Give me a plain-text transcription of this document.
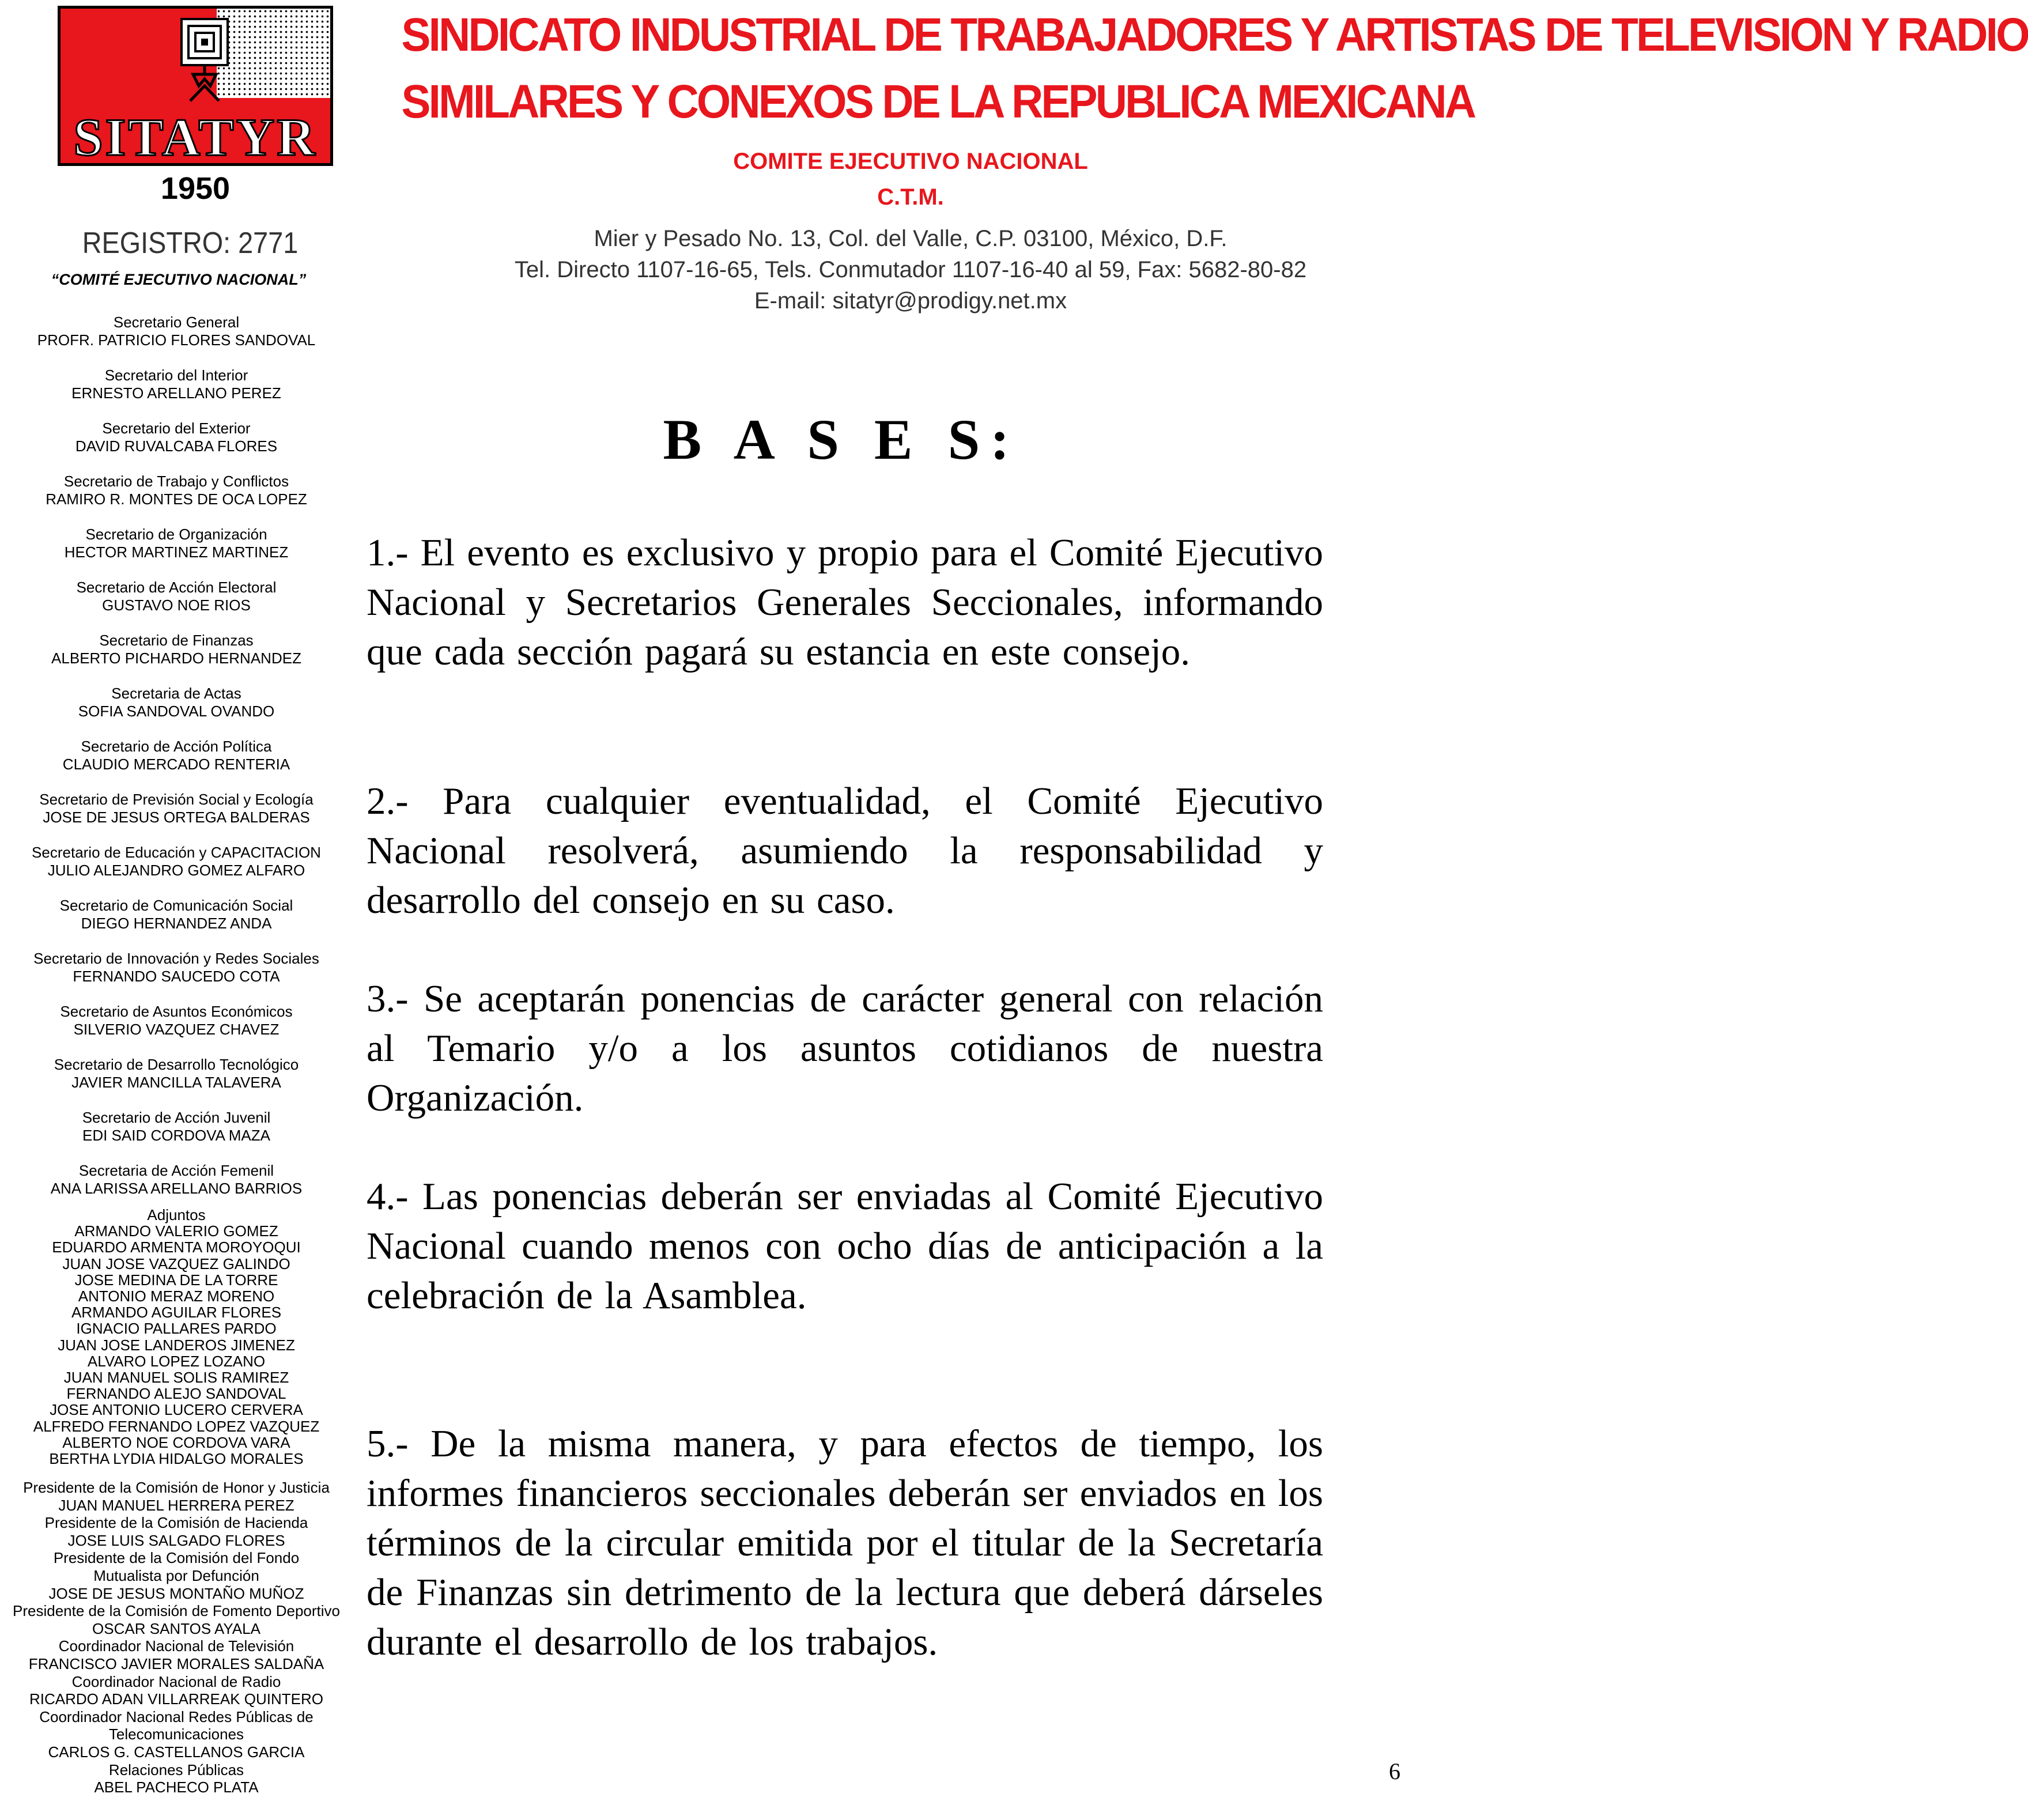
SITATYR
1950
SINDICATO INDUSTRIAL DE TRABAJADORES Y ARTISTAS DE TELEVISION Y RADIO
SIMILARES Y CONEXOS DE LA REPUBLICA MEXICANA
COMITE EJECUTIVO NACIONAL
C.T.M.
Mier y Pesado No. 13, Col. del Valle, C.P. 03100, México, D.F.
Tel. Directo 1107-16-65, Tels. Conmutador 1107-16-40 al 59, Fax: 5682-80-82
E-mail: sitatyr@prodigy.net.mx
REGISTRO: 2771
“COMITÉ EJECUTIVO NACIONAL”
Secretario General
PROFR. PATRICIO FLORES SANDOVAL
Secretario del Interior
ERNESTO ARELLANO PEREZ
Secretario del Exterior
DAVID RUVALCABA FLORES
Secretario de Trabajo y Conflictos
RAMIRO R. MONTES DE OCA LOPEZ
Secretario de Organización
HECTOR MARTINEZ MARTINEZ
Secretario de Acción Electoral
GUSTAVO NOE RIOS
Secretario de Finanzas
ALBERTO PICHARDO HERNANDEZ
Secretaria de Actas
SOFIA SANDOVAL OVANDO
Secretario de Acción Política
CLAUDIO MERCADO RENTERIA
Secretario de Previsión Social y Ecología
JOSE DE JESUS ORTEGA BALDERAS
Secretario de Educación y CAPACITACION
JULIO ALEJANDRO GOMEZ ALFARO
Secretario de Comunicación Social
DIEGO HERNANDEZ ANDA
Secretario de Innovación y Redes Sociales
FERNANDO SAUCEDO COTA
Secretario de Asuntos Económicos
SILVERIO VAZQUEZ CHAVEZ
Secretario de Desarrollo Tecnológico
JAVIER MANCILLA TALAVERA
Secretario de Acción Juvenil
EDI SAID CORDOVA MAZA
Secretaria de Acción Femenil
ANA LARISSA ARELLANO BARRIOS
Adjuntos
ARMANDO VALERIO GOMEZ
EDUARDO ARMENTA MOROYOQUI
JUAN JOSE VAZQUEZ GALINDO
JOSE MEDINA DE LA TORRE
ANTONIO MERAZ MORENO
ARMANDO AGUILAR FLORES
IGNACIO PALLARES PARDO
JUAN JOSE LANDEROS JIMENEZ
ALVARO LOPEZ LOZANO
JUAN MANUEL SOLIS RAMIREZ
FERNANDO ALEJO SANDOVAL
JOSE ANTONIO LUCERO CERVERA
ALFREDO FERNANDO LOPEZ VAZQUEZ
ALBERTO NOE CORDOVA VARA
BERTHA LYDIA HIDALGO MORALES
Presidente de la Comisión de Honor y Justicia
JUAN MANUEL HERRERA PEREZ
Presidente de la Comisión de Hacienda
JOSE LUIS SALGADO FLORES
Presidente de la Comisión del Fondo
Mutualista por Defunción
JOSE DE JESUS MONTAÑO MUÑOZ
Presidente de la Comisión de Fomento Deportivo
OSCAR SANTOS AYALA
Coordinador Nacional de Televisión
FRANCISCO JAVIER MORALES SALDAÑA
Coordinador Nacional de Radio
RICARDO ADAN VILLARREAK QUINTERO
Coordinador Nacional Redes Públicas de
Telecomunicaciones
CARLOS G. CASTELLANOS GARCIA
Relaciones Públicas
ABEL PACHECO PLATA
B A S E S:
1.- El evento es exclusivo y propio para el Comité Ejecutivo Nacional y Secretarios Generales Seccionales, informando que cada sección pagará su estancia en este consejo.
2.- Para cualquier eventualidad, el Comité Ejecutivo Nacional resolverá, asumiendo la responsabilidad y desarrollo del consejo en su caso.
3.- Se aceptarán ponencias de carácter general con relación al Temario y/o a los asuntos cotidianos de nuestra Organización.
4.- Las ponencias deberán ser enviadas al Comité Ejecutivo Nacional cuando menos con ocho días de anticipación a la celebración de la Asamblea.
5.- De la misma manera, y para efectos de tiempo, los informes financieros seccionales deberán ser enviados en los términos de la circular emitida por el titular de la Secretaría de Finanzas sin detrimento de la lectura que deberá dárseles durante el desarrollo de los trabajos.
6
